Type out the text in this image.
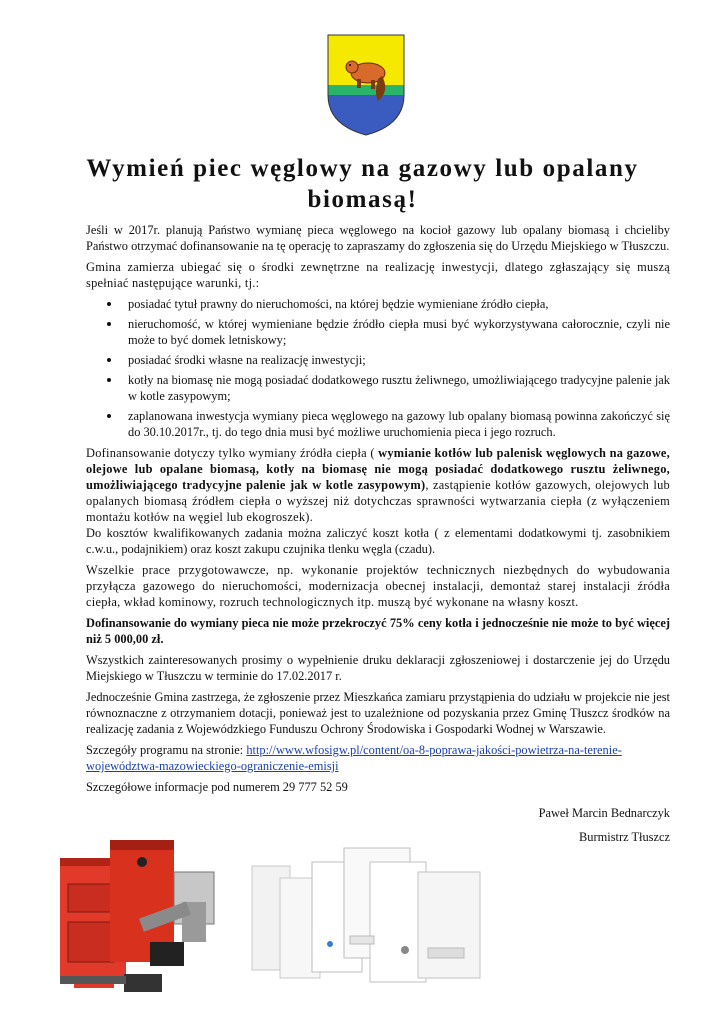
Wymień piec węglowy na gazowy lub opalany biomasą!

Jeśli w 2017r. planują Państwo wymianę pieca węglowego na kocioł gazowy lub opalany biomasą i chcieliby Państwo otrzymać dofinansowanie na tę operację to zapraszamy do zgłoszenia się do Urzędu Miejskiego w Tłuszczu.

Gmina zamierza ubiegać się o środki zewnętrzne na realizację inwestycji, dlatego zgłaszający się muszą spełniać następujące warunki, tj.:

posiadać tytuł prawny do nieruchomości, na której będzie wymieniane źródło ciepła,
nieruchomość, w której wymieniane będzie źródło ciepła musi być wykorzystywana całorocznie, czyli nie może to być domek letniskowy;
posiadać środki własne na realizację inwestycji;
kotły na biomasę nie mogą posiadać dodatkowego rusztu żeliwnego, umożliwiającego tradycyjne palenie jak w kotle zasypowym;
zaplanowana inwestycja wymiany pieca węglowego na gazowy lub opalany biomasą powinna zakończyć się do 30.10.2017r., tj. do tego dnia musi być możliwe uruchomienia pieca i jego rozruch.

Dofinansowanie dotyczy tylko wymiany źródła ciepła ( wymianie kotłów lub palenisk węglowych na gazowe, olejowe lub opalane biomasą, kotły na biomasę nie mogą posiadać dodatkowego rusztu żeliwnego, umożliwiającego tradycyjne palenie jak w kotle zasypowym), zastąpienie kotłów gazowych, olejowych lub opalanych biomasą źródłem ciepła o wyższej niż dotychczas sprawności wytwarzania ciepła (z wyłączeniem montażu kotłów na węgiel lub ekogroszek).

Do kosztów kwalifikowanych zadania można zaliczyć koszt kotła ( z elementami dodatkowymi tj. zasobnikiem c.w.u., podajnikiem) oraz koszt zakupu czujnika tlenku węgla (czadu).

Wszelkie prace przygotowawcze, np. wykonanie projektów technicznych niezbędnych do wybudowania przyłącza gazowego do nieruchomości, modernizacja obecnej instalacji, demontaż starej instalacji źródła ciepła, wkład kominowy, rozruch technologicznych itp. muszą być wykonane na własny koszt.

Dofinansowanie do wymiany pieca nie może przekroczyć 75% ceny kotła i jednocześnie nie może to być więcej niż 5 000,00 zł.

Wszystkich zainteresowanych prosimy o wypełnienie druku deklaracji zgłoszeniowej i dostarczenie jej do Urzędu Miejskiego w Tłuszczu w terminie do 17.02.2017 r.

Jednocześnie Gmina zastrzega, że zgłoszenie przez Mieszkańca zamiaru przystąpienia do udziału w projekcie nie jest równoznaczne z otrzymaniem dotacji, ponieważ jest to uzależnione od pozyskania przez Gminę Tłuszcz środków na realizację zadania z Wojewódzkiego Funduszu Ochrony Środowiska i Gospodarki Wodnej w Warszawie.

Szczegóły programu na stronie: http://www.wfosigw.pl/content/oa-8-poprawa-jakości-powietrza-na-terenie-województwa-mazowieckiego-ograniczenie-emisji

Szczegółowe informacje pod numerem 29 777 52 59

Paweł Marcin Bednarczyk
Burmistrz Tłuszcz
